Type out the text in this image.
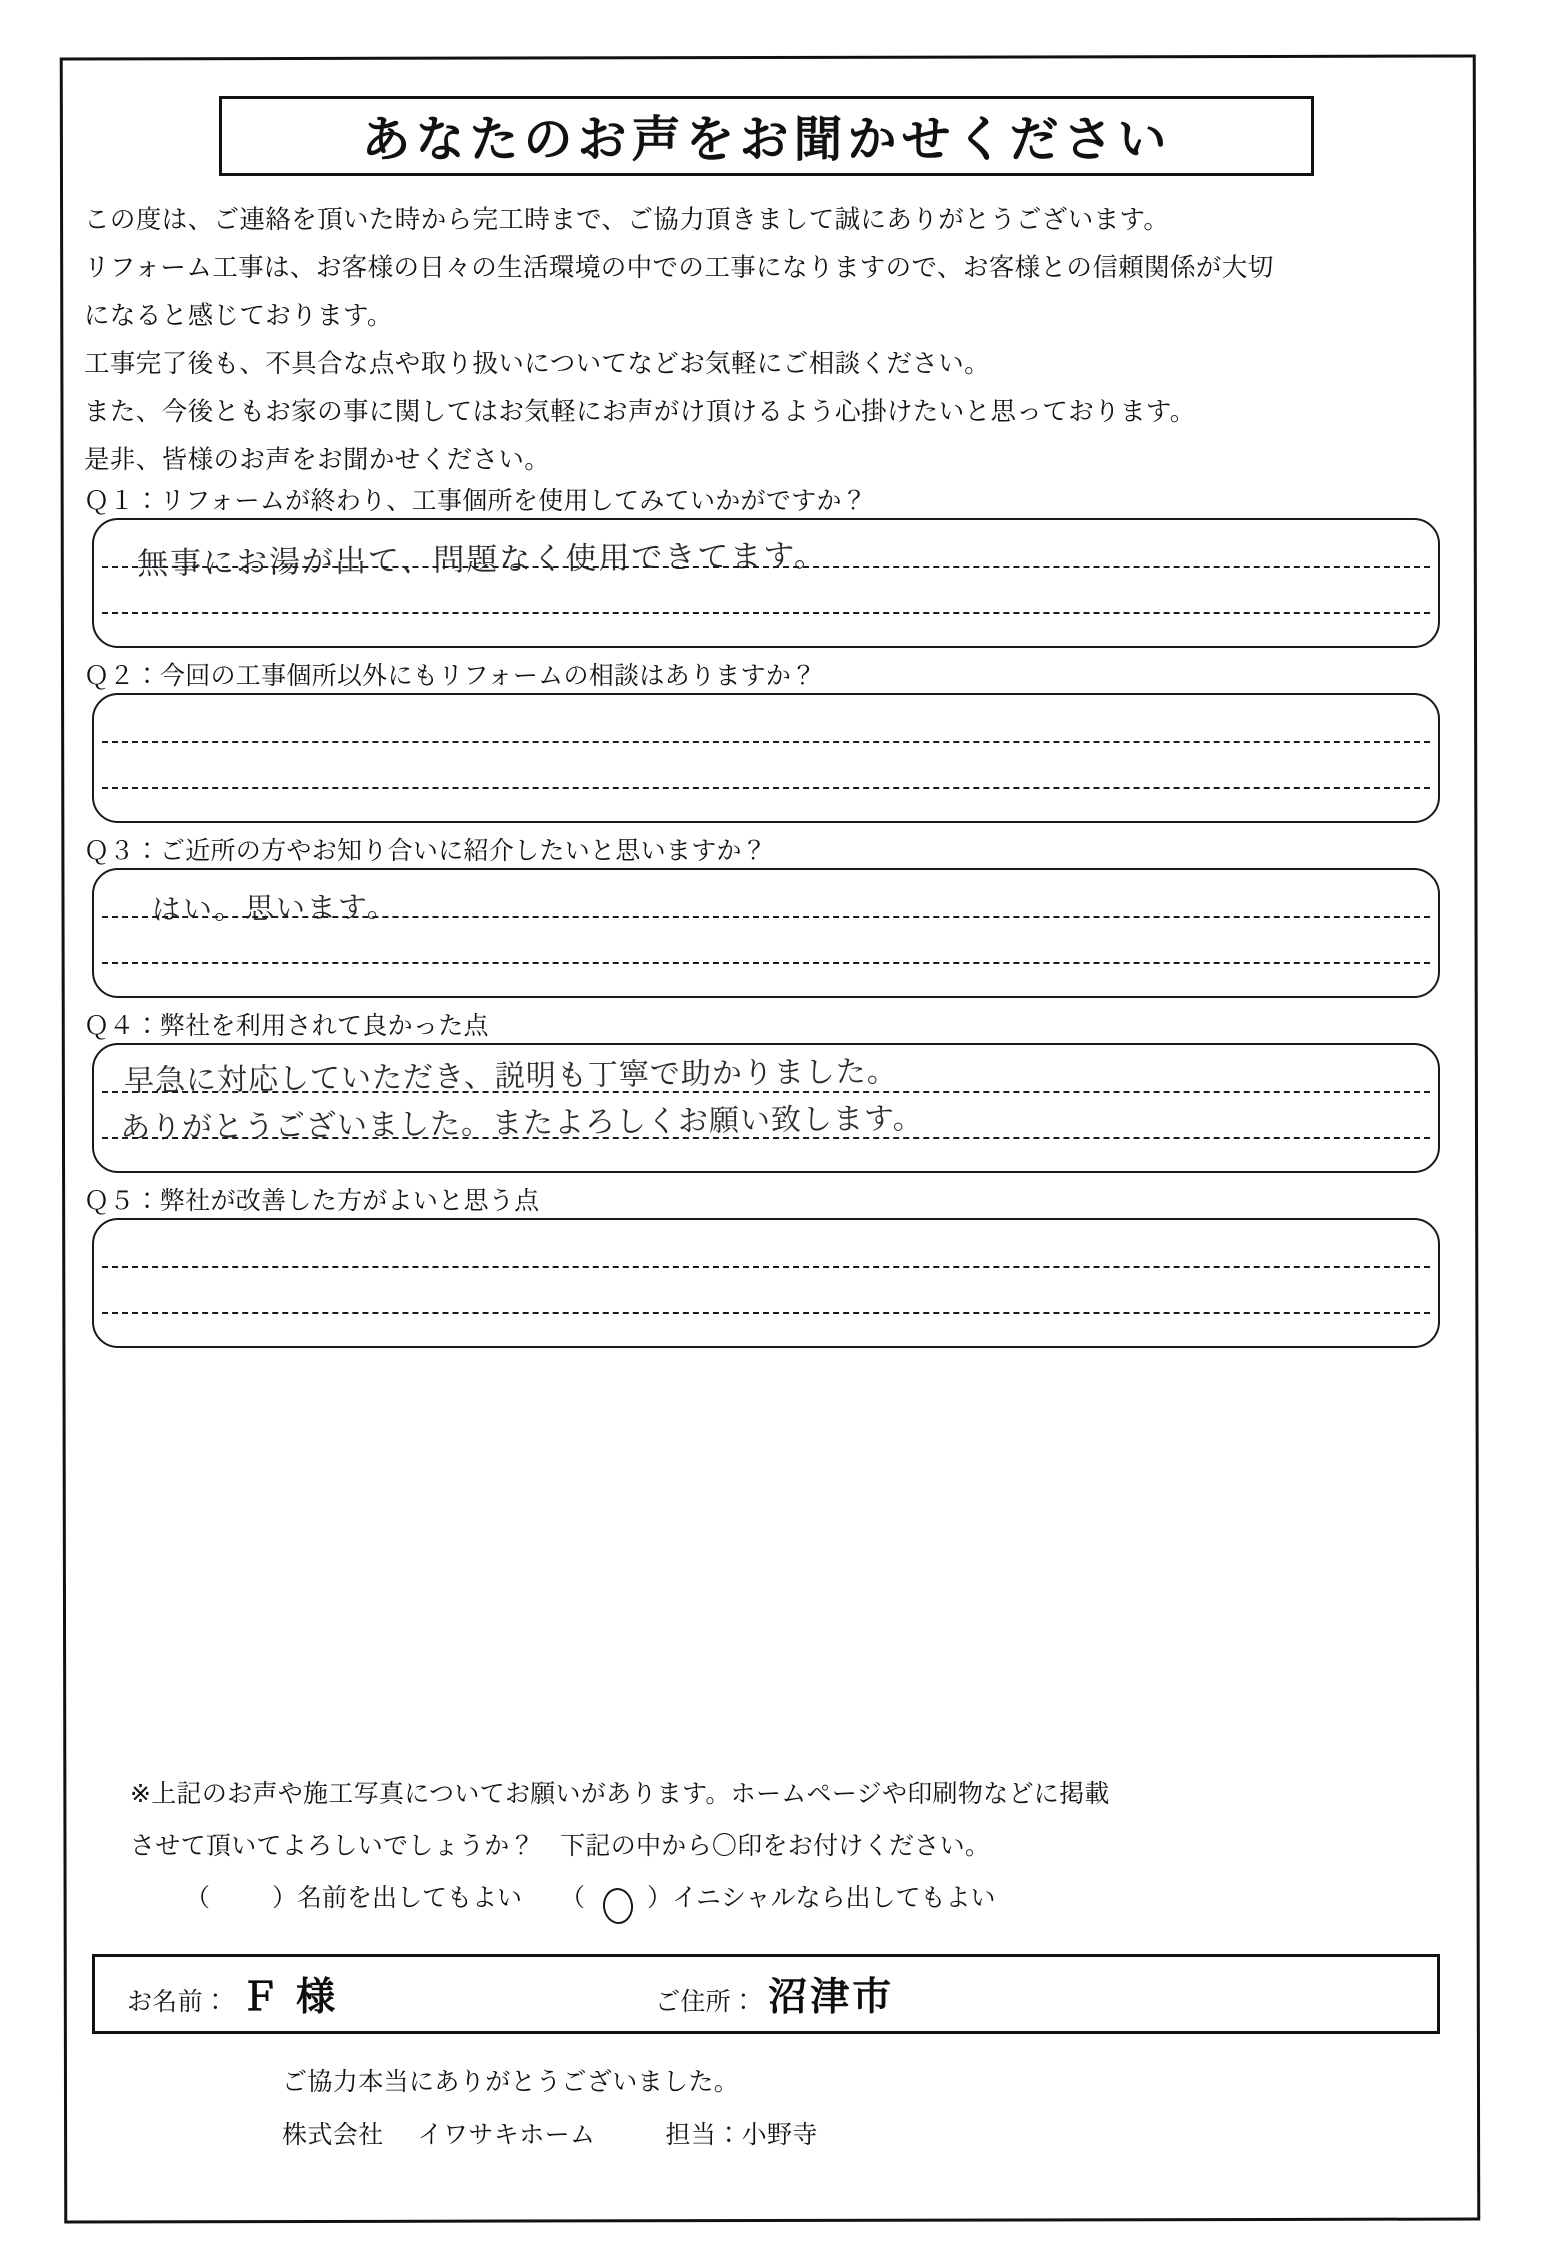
あなたのお声をお聞かせください
この度は、ご連絡を頂いた時から完工時まで、ご協力頂きまして誠にありがとうございます。
リフォーム工事は、お客様の日々の生活環境の中での工事になりますので、お客様との信頼関係が大切
になると感じております。
工事完了後も、不具合な点や取り扱いについてなどお気軽にご相談ください。
また、今後ともお家の事に関してはお気軽にお声がけ頂けるよう心掛けたいと思っております。
是非、皆様のお声をお聞かせください。
Ｑ１：リフォームが終わり、工事個所を使用してみていかがですか？
無事にお湯が出て、問題なく使用できてます。
Ｑ２：今回の工事個所以外にもリフォームの相談はありますか？
Ｑ３：ご近所の方やお知り合いに紹介したいと思いますか？
はい。思います。
Ｑ４：弊社を利用されて良かった点
早急に対応していただき、説明も丁寧で助かりました。
ありがとうございました。またよろしくお願い致します。
Ｑ５：弊社が改善した方がよいと思う点
※上記のお声や施工写真についてお願いがあります。ホームページや印刷物などに掲載
させて頂いてよろしいでしょうか？　下記の中から〇印をお付けください。
（ ）名前を出してもよい （ ）イニシャルなら出してもよい
お名前： Ｆ 様	ご住所： 沼津市
ご協力本当にありがとうございました。
株式会社 イワサキホーム	担当：小野寺
